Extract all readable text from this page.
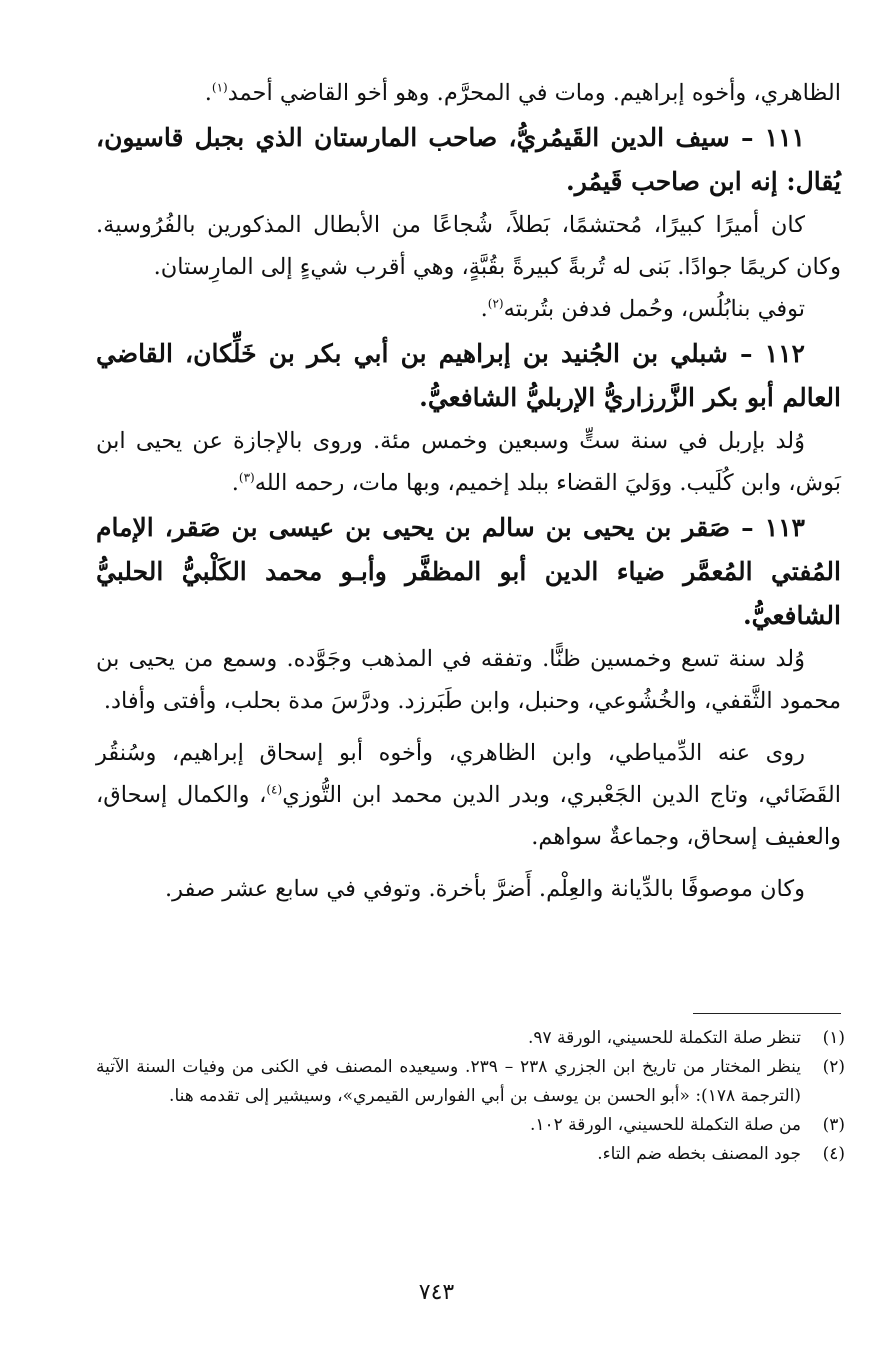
الظاهري، وأخوه إبراهيم. ومات في المحرَّم. وهو أخو القاضي أحمد$^{(١)}$.

١١١ – سيف الدين القَيمُريُّ، صاحب المارستان الذي بجبل قاسيون، يُقال: إنه ابن صاحب قَيمُر.

كان أميرًا كبيرًا، مُحتشمًا، بَطلاً، شُجاعًا من الأبطال المذكورين بالفُرُوسية. وكان كريمًا جوادًا. بَنى له تُربةً كبيرةً بقُبَّةٍ، وهي أقرب شيءٍ إلى المارِستان.

توفي بنابُلُس، وحُمل فدفن بتُربته$^{(٢)}$.

١١٢ – شبلي بن الجُنيد بن إبراهيم بن أبي بكر بن خَلِّكان، القاضي العالم أبو بكر الزَّرزاريُّ الإربليُّ الشافعيُّ.

وُلد بإربل في سنة ستٍّ وسبعين وخمس مئة. وروى بالإجازة عن يحيى ابن بَوش، وابن كُلَيب. ووَليَ القضاء ببلد إخميم، وبها مات، رحمه الله$^{(٣)}$.

١١٣ – صَقر بن يحيى بن سالم بن يحيى بن عيسى بن صَقر، الإمام المُفتي المُعمَّر ضياء الدين أبو المظفَّر وأبـو محمد الكَلْبيُّ الحلبيُّ الشافعيُّ.

وُلد سنة تسع وخمسين ظنًّا. وتفقه في المذهب وجَوَّده. وسمع من يحيى بن محمود الثَّقفي، والخُشُوعي، وحنبل، وابن طَبَرزد. ودرَّسَ مدة بحلب، وأفتى وأفاد.

روى عنه الدِّمياطي، وابن الظاهري، وأخوه أبو إسحاق إبراهيم، وسُنقُر القَضَائي، وتاج الدين الجَعْبري، وبدر الدين محمد ابن التُّوزي$^{(٤)}$، والكمال إسحاق، والعفيف إسحاق، وجماعةٌ سواهم.

وكان موصوفًا بالدِّيانة والعِلْم. أَضرَّ بأخرة. وتوفي في سابع عشر صفر.

(١)
تنظر صلة التكملة للحسيني، الورقة ٩٧.
(٢)
ينظر المختار من تاريخ ابن الجزري ٢٣٨ – ٢٣٩. وسيعيده المصنف في الكنى من وفيات السنة الآتية (الترجمة ١٧٨): «أبو الحسن بن يوسف بن أبي الفوارس القيمري»، وسيشير إلى تقدمه هنا.
(٣)
من صلة التكملة للحسيني، الورقة ١٠٢.
(٤)
جود المصنف بخطه ضم التاء.
٧٤٣
